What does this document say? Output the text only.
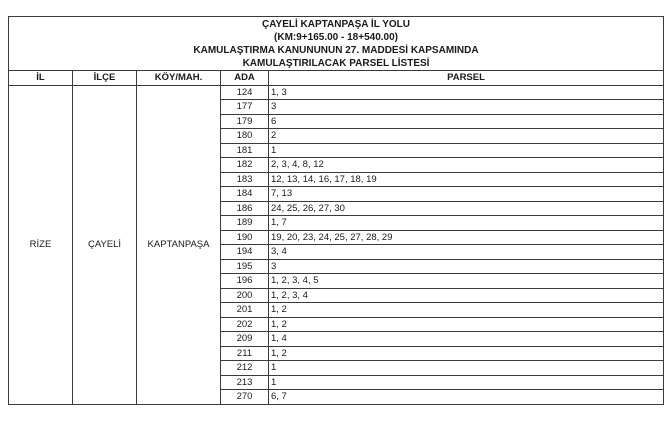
ÇAYELİ KAPTANPAŞA İL YOLU
(KM:9+165.00 - 18+540.00)
KAMULAŞTIRMA KANUNUNUN 27. MADDESİ KAPSAMINDA
KAMULAŞTIRILACAK PARSEL LİSTESİ				

İL	İLÇE	KÖY/MAH.	ADA	PARSEL
RİZE	ÇAYELİ	KAPTANPAŞA	124	1, 3
			177	3
			179	6
			180	2
			181	1
			182	2, 3, 4, 8, 12
			183	12, 13, 14, 16, 17, 18, 19
			184	7, 13
			186	24, 25, 26, 27, 30
			189	1, 7
			190	19, 20, 23, 24, 25, 27, 28, 29
			194	3, 4
			195	3
			196	1, 2, 3, 4, 5
			200	1, 2, 3, 4
			201	1, 2
			202	1, 2
			209	1, 4
			211	1, 2
			212	1
			213	1
			270	6, 7
